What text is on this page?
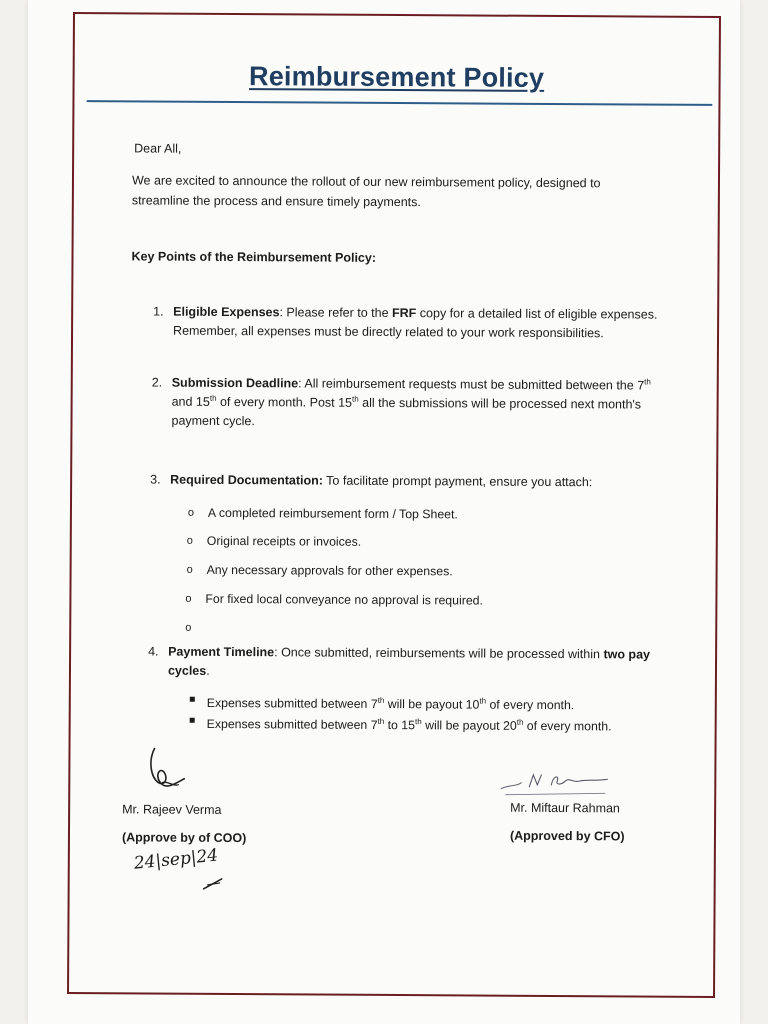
Reimbursement Policy
Dear All,
We are excited to announce the rollout of our new reimbursement policy, designed to streamline the process and ensure timely payments.
Key Points of the Reimbursement Policy:
1. Eligible Expenses: Please refer to the FRF copy for a detailed list of eligible expenses. Remember, all expenses must be directly related to your work responsibilities.
2. Submission Deadline: All reimbursement requests must be submitted between the 7th and 15th of every month. Post 15th all the submissions will be processed next month's payment cycle.
3. Required Documentation: To facilitate prompt payment, ensure you attach:
o A completed reimbursement form / Top Sheet.
o Original receipts or invoices.
o Any necessary approvals for other expenses.
o For fixed local conveyance no approval is required.
o
4. Payment Timeline: Once submitted, reimbursements will be processed within two pay cycles.
Expenses submitted between 7th will be payout 10th of every month.
Expenses submitted between 7th to 15th will be payout 20th of every month.
Mr. Rajeev Verma
(Approve by of COO)
24|sep|24
Mr. Miftaur Rahman
(Approved by CFO)
